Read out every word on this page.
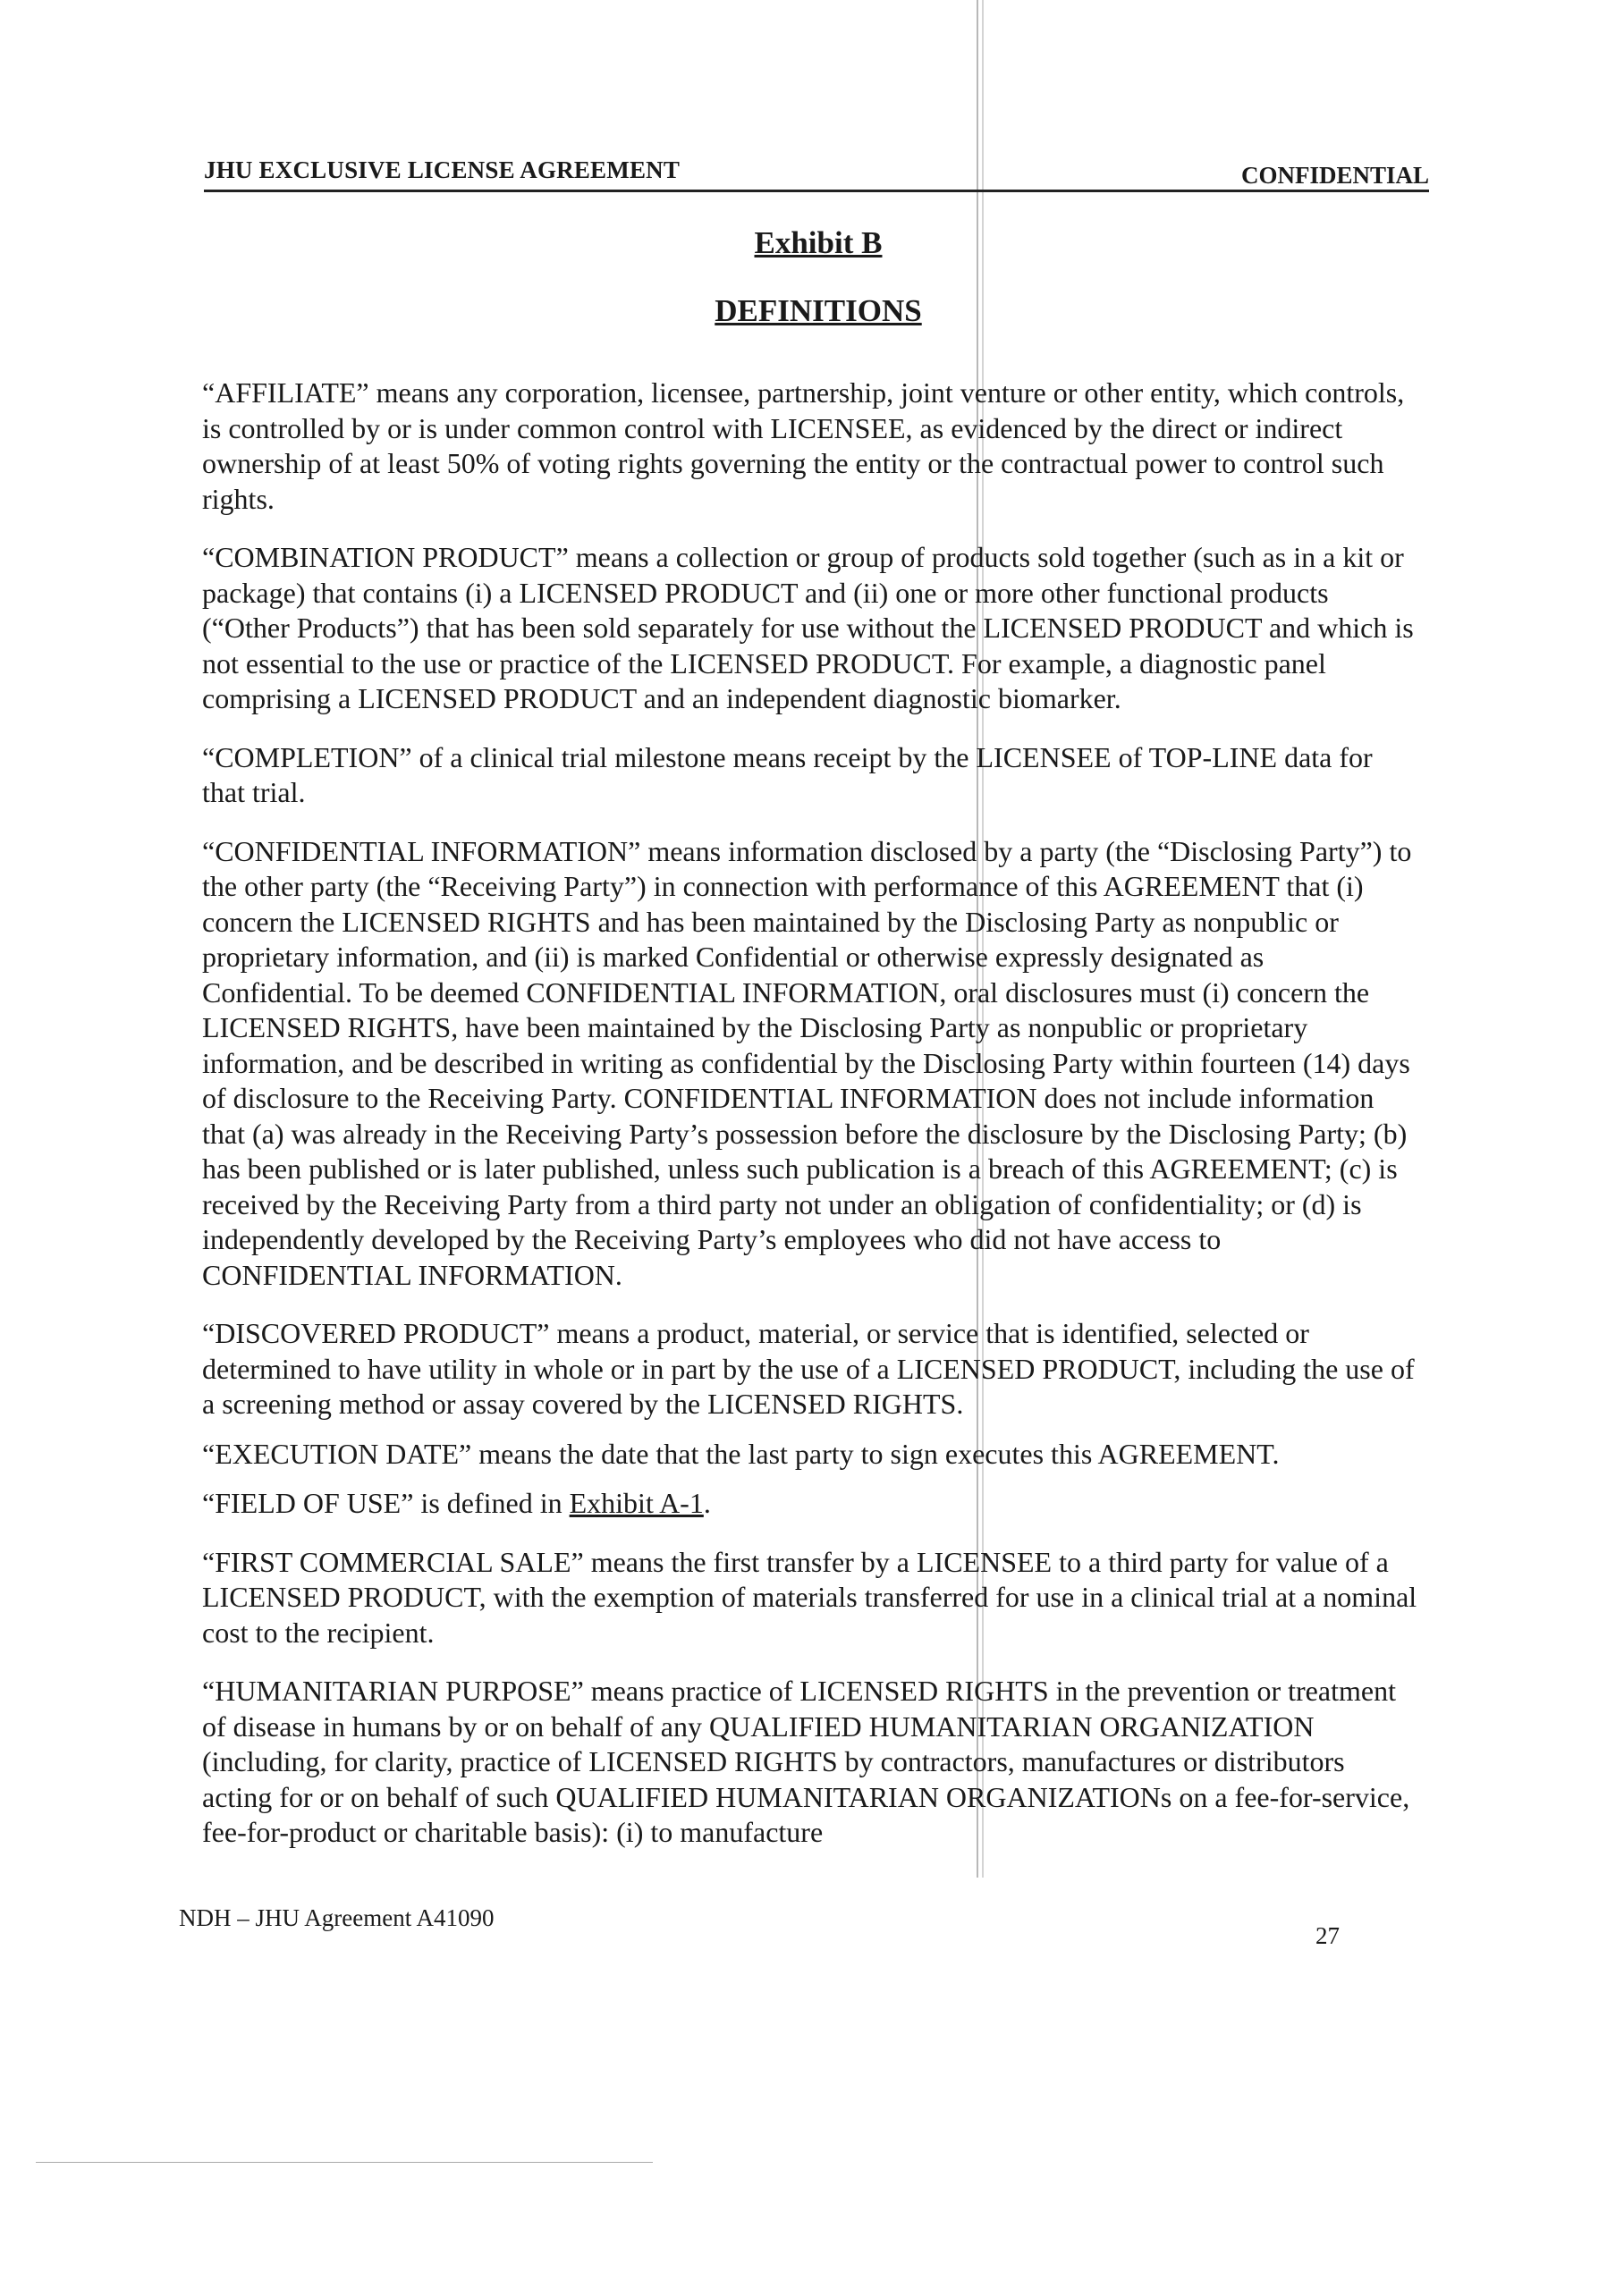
JHU EXCLUSIVE LICENSE AGREEMENT	CONFIDENTIAL
Exhibit B
DEFINITIONS

“AFFILIATE” means any corporation, licensee, partnership, joint venture or other entity, which controls, is controlled by or is under common control with LICENSEE, as evidenced by the direct or indirect ownership of at least 50% of voting rights governing the entity or the contractual power to control such rights.

“COMBINATION PRODUCT” means a collection or group of products sold together (such as in a kit or package) that contains (i) a LICENSED PRODUCT and (ii) one or more other functional products (“Other Products”) that has been sold separately for use without the LICENSED PRODUCT and which is not essential to the use or practice of the LICENSED PRODUCT. For example, a diagnostic panel comprising a LICENSED PRODUCT and an independent diagnostic biomarker.

“COMPLETION” of a clinical trial milestone means receipt by the LICENSEE of TOP-LINE data for that trial.

“CONFIDENTIAL INFORMATION” means information disclosed by a party (the “Disclosing Party”) to the other party (the “Receiving Party”) in connection with performance of this AGREEMENT that (i) concern the LICENSED RIGHTS and has been maintained by the Disclosing Party as nonpublic or proprietary information, and (ii) is marked Confidential or otherwise expressly designated as Confidential. To be deemed CONFIDENTIAL INFORMATION, oral disclosures must (i) concern the LICENSED RIGHTS, have been maintained by the Disclosing Party as nonpublic or proprietary information, and be described in writing as confidential by the Disclosing Party within fourteen (14) days of disclosure to the Receiving Party. CONFIDENTIAL INFORMATION does not include information that (a) was already in the Receiving Party’s possession before the disclosure by the Disclosing Party; (b) has been published or is later published, unless such publication is a breach of this AGREEMENT; (c) is received by the Receiving Party from a third party not under an obligation of confidentiality; or (d) is independently developed by the Receiving Party’s employees who did not have access to CONFIDENTIAL INFORMATION.

“DISCOVERED PRODUCT” means a product, material, or service that is identified, selected or determined to have utility in whole or in part by the use of a LICENSED PRODUCT, including the use of a screening method or assay covered by the LICENSED RIGHTS.

“EXECUTION DATE” means the date that the last party to sign executes this AGREEMENT.

“FIELD OF USE” is defined in Exhibit A-1.

“FIRST COMMERCIAL SALE” means the first transfer by a LICENSEE to a third party for value of a LICENSED PRODUCT, with the exemption of materials transferred for use in a clinical trial at a nominal cost to the recipient.

“HUMANITARIAN PURPOSE” means practice of LICENSED RIGHTS in the prevention or treatment of disease in humans by or on behalf of any QUALIFIED HUMANITARIAN ORGANIZATION (including, for clarity, practice of LICENSED RIGHTS by contractors, manufactures or distributors acting for or on behalf of such QUALIFIED HUMANITARIAN ORGANIZATIONs on a fee-for-service, fee-for-product or charitable basis): (i) to manufacture

NDH – JHU Agreement A41090
27
